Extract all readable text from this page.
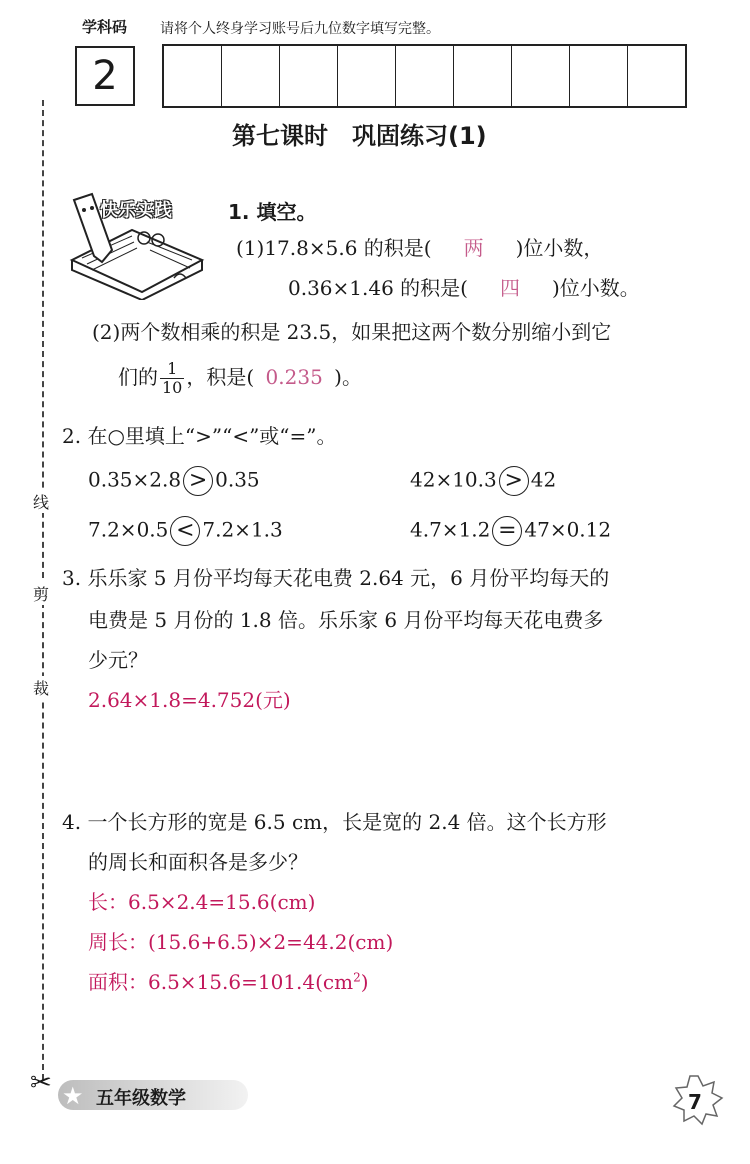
学科码 请将个人终身学习账号后九位数字填写完整。
2
线
剪
裁
✂
第七课时　巩固练习(1)
快乐实践	1. 填空。
(1)17.8×5.6 的积是( 两 )位小数，
0.36×1.46 的积是( 四 )位小数。
(2)两个数相乘的积是 23.5，如果把这两个数分别缩小到它
们的 $\frac{1}{10}$ ，积是( 0.235 )。
2. 在○里填上“>”“<”或“=”。
0.35×2.8 > 0.35	42×10.3 > 42
7.2×0.5 < 7.2×1.3	4.7×1.2 = 47×0.12
3. 乐乐家 5 月份平均每天花电费 2.64 元，6 月份平均每天的
电费是 5 月份的 1.8 倍。乐乐家 6 月份平均每天花电费多
少元？
2.64×1.8=4.752(元)
4. 一个长方形的宽是 6.5 cm，长是宽的 2.4 倍。这个长方形
的周长和面积各是多少？
长：6.5×2.4=15.6(cm)
周长：(15.6+6.5)×2=44.2(cm)
面积：$6.5\times 15.6=101.4(cm^2)$
★ 五年级数学	7
